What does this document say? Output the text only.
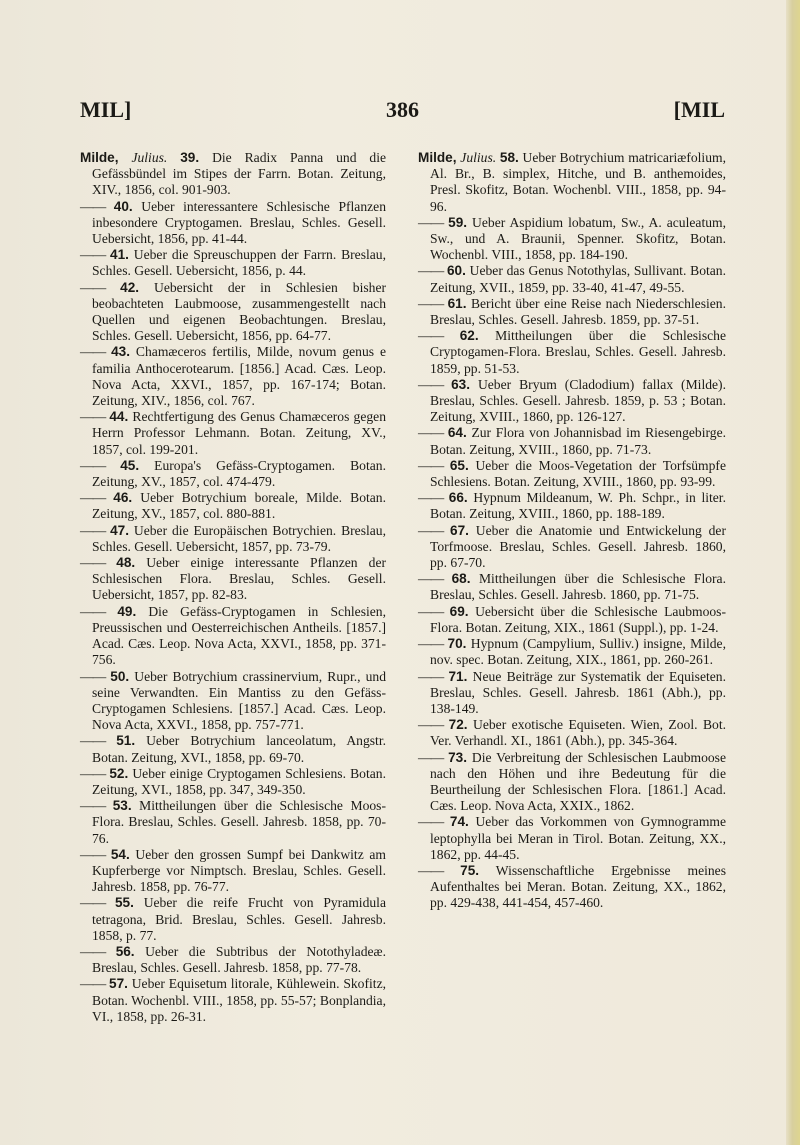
MIL]	386	[MIL

Milde, Julius. 39. Die Radix Panna und die Gefässbündel im Stipes der Farrn. Botan. Zeitung, XIV., 1856, col. 901-903.

—— 40. Ueber interessantere Schlesische Pflanzen inbesondere Cryptogamen. Breslau, Schles. Gesell. Uebersicht, 1856, pp. 41-44.

—— 41. Ueber die Spreuschuppen der Farrn. Breslau, Schles. Gesell. Uebersicht, 1856, p. 44.

—— 42. Uebersicht der in Schlesien bisher beobachteten Laubmoose, zusammengestellt nach Quellen und eigenen Beobachtungen. Breslau, Schles. Gesell. Uebersicht, 1856, pp. 64-77.

—— 43. Chamæceros fertilis, Milde, novum genus e familia Anthocerotearum. [1856.] Acad. Cæs. Leop. Nova Acta, XXVI., 1857, pp. 167-174; Botan. Zeitung, XIV., 1856, col. 767.

—— 44. Rechtfertigung des Genus Chamæceros gegen Herrn Professor Lehmann. Botan. Zeitung, XV., 1857, col. 199-201.

—— 45. Europa's Gefäss-Cryptogamen. Botan. Zeitung, XV., 1857, col. 474-479.

—— 46. Ueber Botrychium boreale, Milde. Botan. Zeitung, XV., 1857, col. 880-881.

—— 47. Ueber die Europäischen Botrychien. Breslau, Schles. Gesell. Uebersicht, 1857, pp. 73-79.

—— 48. Ueber einige interessante Pflanzen der Schlesischen Flora. Breslau, Schles. Gesell. Uebersicht, 1857, pp. 82-83.

—— 49. Die Gefäss-Cryptogamen in Schlesien, Preussischen und Oesterreichischen Antheils. [1857.] Acad. Cæs. Leop. Nova Acta, XXVI., 1858, pp. 371-756.

—— 50. Ueber Botrychium crassinervium, Rupr., und seine Verwandten. Ein Mantiss zu den Gefäss-Cryptogamen Schlesiens. [1857.] Acad. Cæs. Leop. Nova Acta, XXVI., 1858, pp. 757-771.

—— 51. Ueber Botrychium lanceolatum, Angstr. Botan. Zeitung, XVI., 1858, pp. 69-70.

—— 52. Ueber einige Cryptogamen Schlesiens. Botan. Zeitung, XVI., 1858, pp. 347, 349-350.

—— 53. Mittheilungen über die Schlesische Moos-Flora. Breslau, Schles. Gesell. Jahresb. 1858, pp. 70-76.

—— 54. Ueber den grossen Sumpf bei Dankwitz am Kupferberge vor Nimptsch. Breslau, Schles. Gesell. Jahresb. 1858, pp. 76-77.

—— 55. Ueber die reife Frucht von Pyramidula tetragona, Brid. Breslau, Schles. Gesell. Jahresb. 1858, p. 77.

—— 56. Ueber die Subtribus der Notothyladeæ. Breslau, Schles. Gesell. Jahresb. 1858, pp. 77-78.

—— 57. Ueber Equisetum litorale, Kühlewein. Skofitz, Botan. Wochenbl. VIII., 1858, pp. 55-57; Bonplandia, VI., 1858, pp. 26-31.

Milde, Julius. 58. Ueber Botrychium matricariæfolium, Al. Br., B. simplex, Hitche, und B. anthemoides, Presl. Skofitz, Botan. Wochenbl. VIII., 1858, pp. 94-96.

—— 59. Ueber Aspidium lobatum, Sw., A. aculeatum, Sw., und A. Braunii, Spenner. Skofitz, Botan. Wochenbl. VIII., 1858, pp. 184-190.

—— 60. Ueber das Genus Notothylas, Sullivant. Botan. Zeitung, XVII., 1859, pp. 33-40, 41-47, 49-55.

—— 61. Bericht über eine Reise nach Niederschlesien. Breslau, Schles. Gesell. Jahresb. 1859, pp. 37-51.

—— 62. Mittheilungen über die Schlesische Cryptogamen-Flora. Breslau, Schles. Gesell. Jahresb. 1859, pp. 51-53.

—— 63. Ueber Bryum (Cladodium) fallax (Milde). Breslau, Schles. Gesell. Jahresb. 1859, p. 53 ; Botan. Zeitung, XVIII., 1860, pp. 126-127.

—— 64. Zur Flora von Johannisbad im Riesengebirge. Botan. Zeitung, XVIII., 1860, pp. 71-73.

—— 65. Ueber die Moos-Vegetation der Torfsümpfe Schlesiens. Botan. Zeitung, XVIII., 1860, pp. 93-99.

—— 66. Hypnum Mildeanum, W. Ph. Schpr., in liter. Botan. Zeitung, XVIII., 1860, pp. 188-189.

—— 67. Ueber die Anatomie und Entwickelung der Torfmoose. Breslau, Schles. Gesell. Jahresb. 1860, pp. 67-70.

—— 68. Mittheilungen über die Schlesische Flora. Breslau, Schles. Gesell. Jahresb. 1860, pp. 71-75.

—— 69. Uebersicht über die Schlesische Laubmoos-Flora. Botan. Zeitung, XIX., 1861 (Suppl.), pp. 1-24.

—— 70. Hypnum (Campylium, Sulliv.) insigne, Milde, nov. spec. Botan. Zeitung, XIX., 1861, pp. 260-261.

—— 71. Neue Beiträge zur Systematik der Equiseten. Breslau, Schles. Gesell. Jahresb. 1861 (Abh.), pp. 138-149.

—— 72. Ueber exotische Equiseten. Wien, Zool. Bot. Ver. Verhandl. XI., 1861 (Abh.), pp. 345-364.

—— 73. Die Verbreitung der Schlesischen Laubmoose nach den Höhen und ihre Bedeutung für die Beurtheilung der Schlesischen Flora. [1861.] Acad. Cæs. Leop. Nova Acta, XXIX., 1862.

—— 74. Ueber das Vorkommen von Gymnogramme leptophylla bei Meran in Tirol. Botan. Zeitung, XX., 1862, pp. 44-45.

—— 75. Wissenschaftliche Ergebnisse meines Aufenthaltes bei Meran. Botan. Zeitung, XX., 1862, pp. 429-438, 441-454, 457-460.
